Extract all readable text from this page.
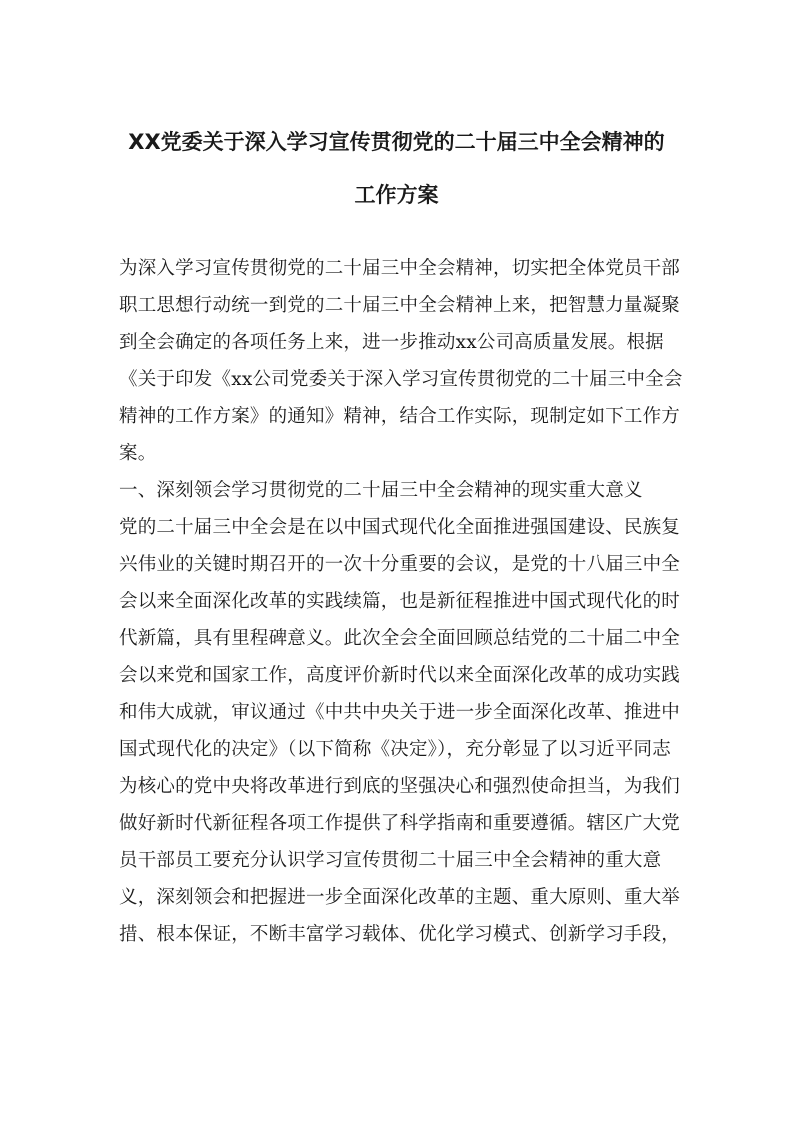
XX党委关于深入学习宣传贯彻党的二十届三中全会精神的
工作方案
为深入学习宣传贯彻党的二十届三中全会精神，切实把全体党员干部
职工思想行动统一到党的二十届三中全会精神上来，把智慧力量凝聚
到全会确定的各项任务上来，进一步推动xx公司高质量发展。根据
《关于印发《xx公司党委关于深入学习宣传贯彻党的二十届三中全会
精神的工作方案》的通知》精神，结合工作实际，现制定如下工作方
案。
一、深刻领会学习贯彻党的二十届三中全会精神的现实重大意义
党的二十届三中全会是在以中国式现代化全面推进强国建设、民族复
兴伟业的关键时期召开的一次十分重要的会议，是党的十八届三中全
会以来全面深化改革的实践续篇，也是新征程推进中国式现代化的时
代新篇，具有里程碑意义。此次全会全面回顾总结党的二十届二中全
会以来党和国家工作，高度评价新时代以来全面深化改革的成功实践
和伟大成就，审议通过《中共中央关于进一步全面深化改革、推进中
国式现代化的决定》（以下简称《决定》），充分彰显了以习近平同志
为核心的党中央将改革进行到底的坚强决心和强烈使命担当，为我们
做好新时代新征程各项工作提供了科学指南和重要遵循。辖区广大党
员干部员工要充分认识学习宣传贯彻二十届三中全会精神的重大意
义，深刻领会和把握进一步全面深化改革的主题、重大原则、重大举
措、根本保证，不断丰富学习载体、优化学习模式、创新学习手段，
